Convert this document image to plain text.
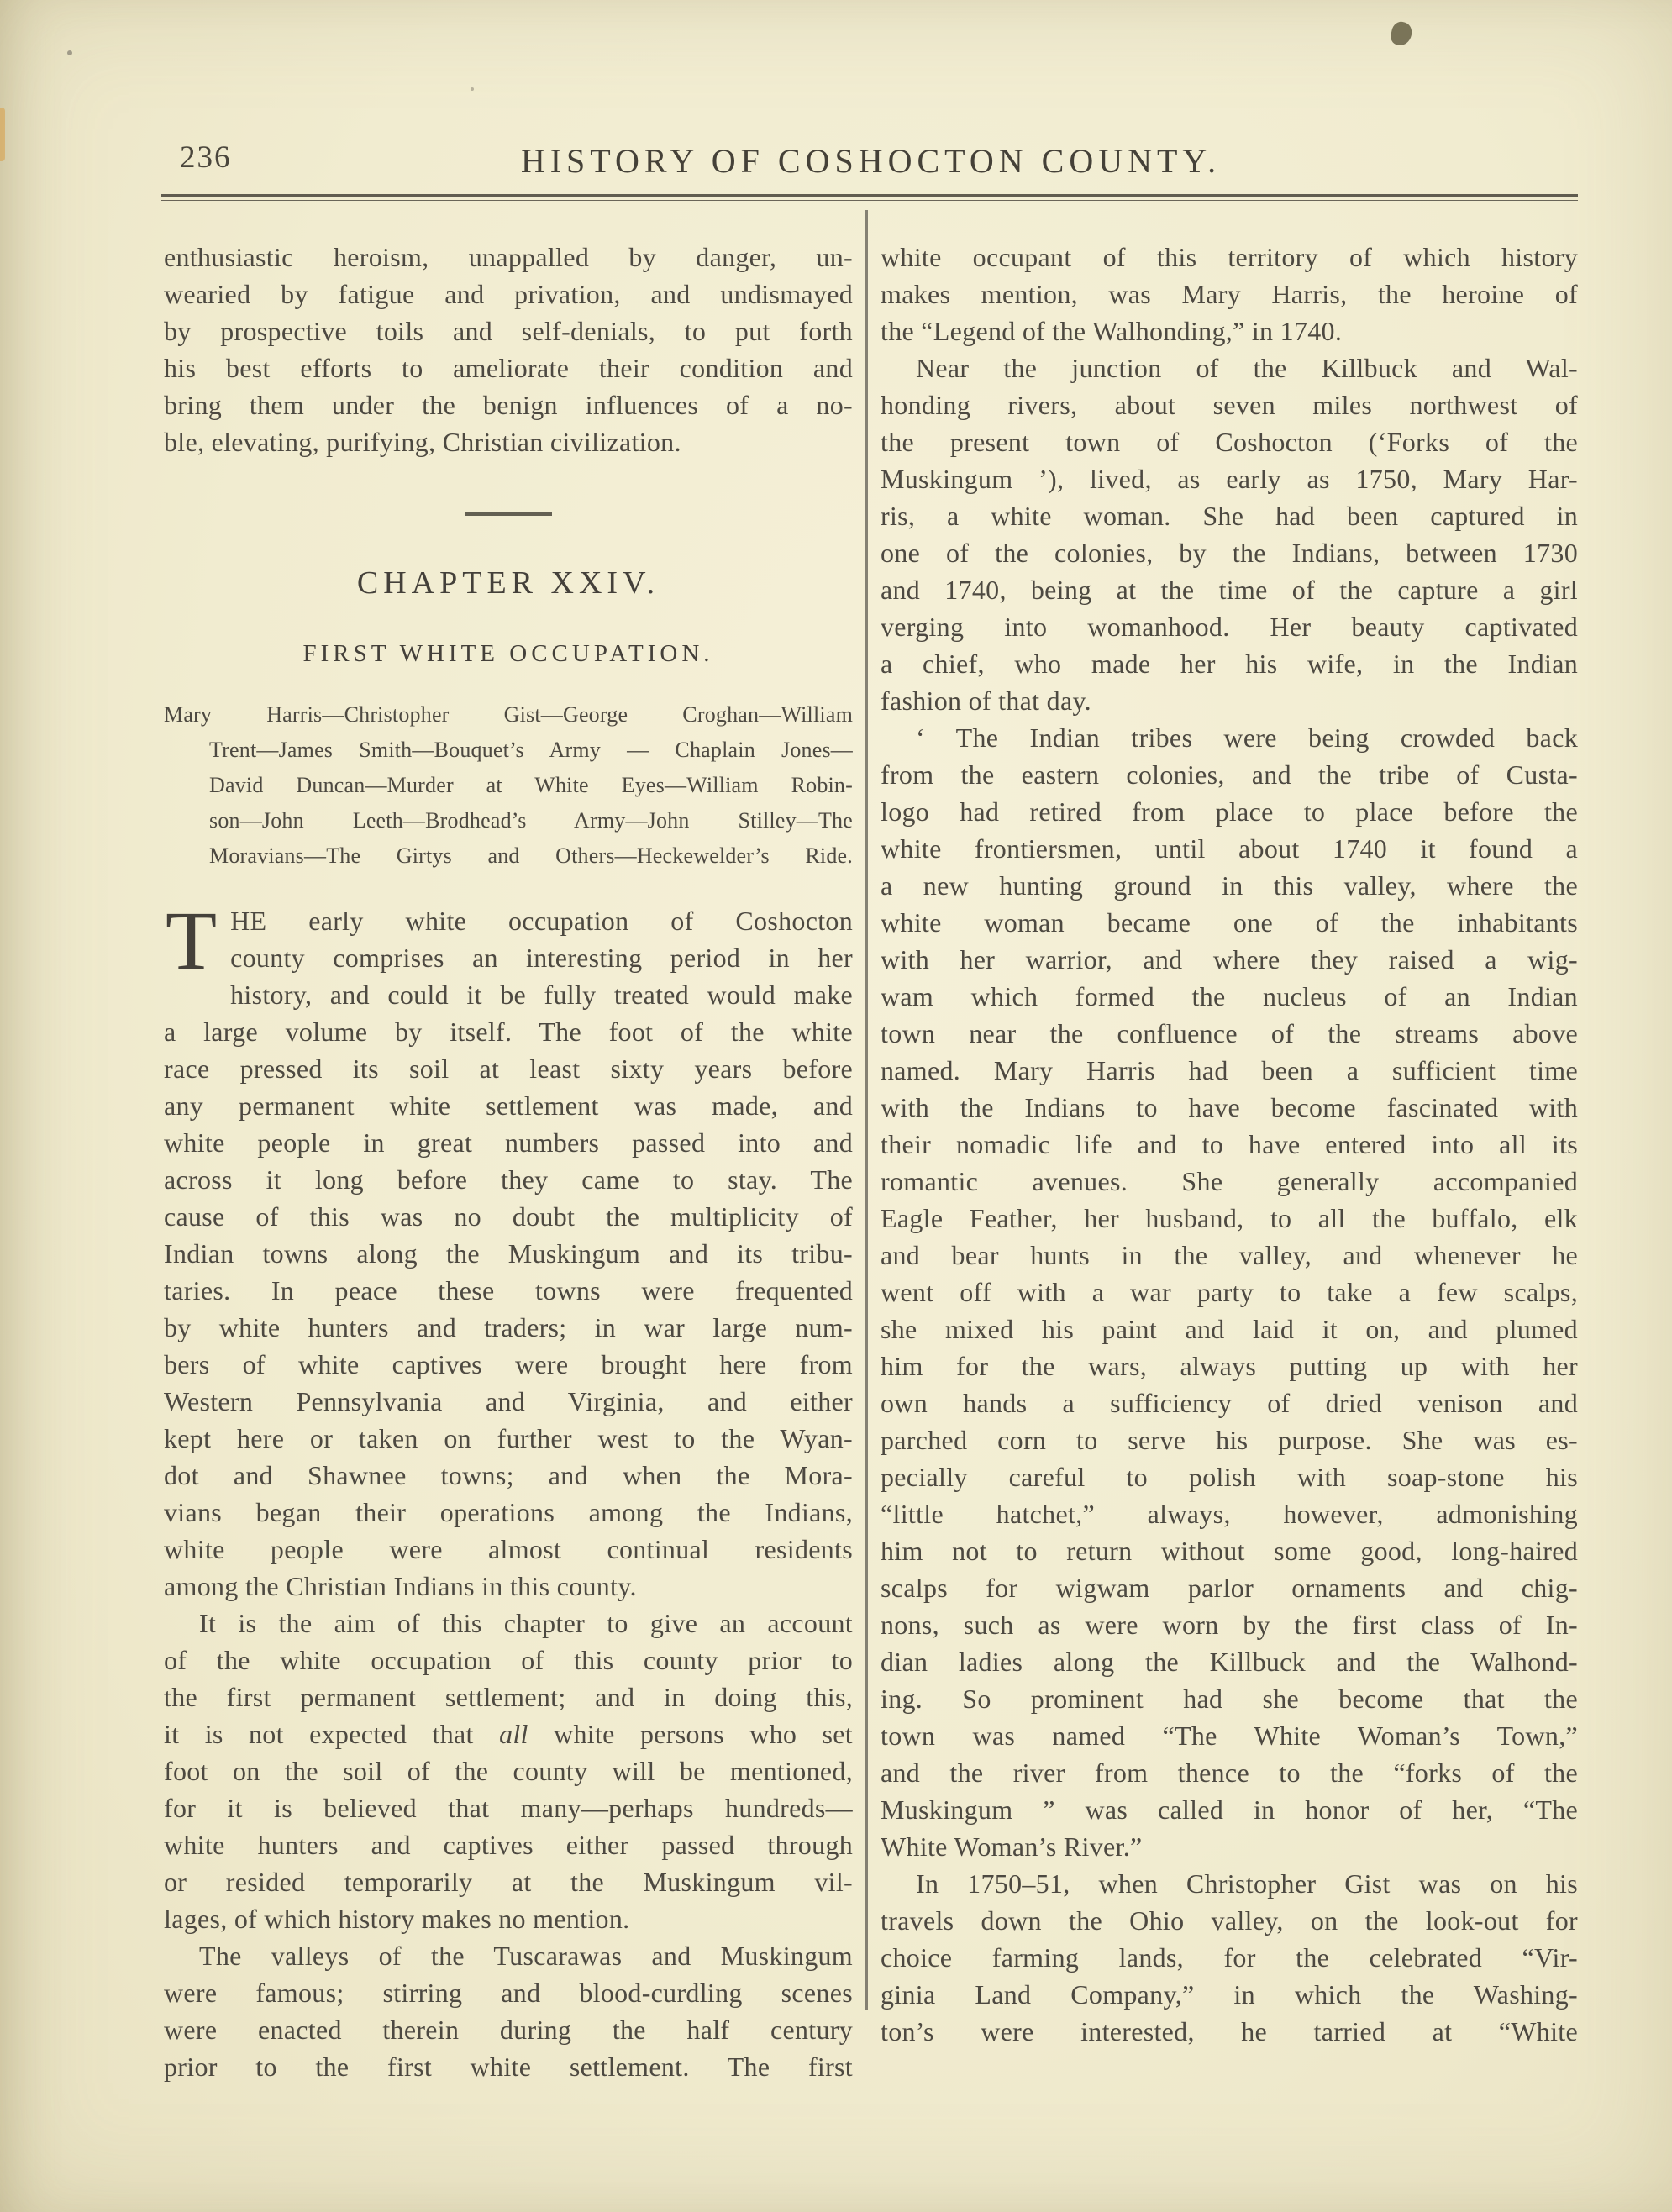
236	HISTORY OF COSHOCTON COUNTY.
enthusiastic heroism, unappalled by danger, un-
wearied by fatigue and privation, and undismayed
by prospective toils and self-denials, to put forth
his best efforts to ameliorate their condition and
bring them under the benign influences of a no-
ble, elevating, purifying, Christian civilization.
CHAPTER XXIV.
FIRST WHITE OCCUPATION.
Mary Harris—Christopher Gist—George Croghan—William
Trent—James Smith—Bouquet’s Army — Chaplain Jones—
David Duncan—Murder at White Eyes—William Robin-
son—John Leeth—Brodhead’s Army—John Stilley—The
Moravians—The Girtys and Others—Heckewelder’s Ride.
T HE early white occupation of Coshocton
county comprises an interesting period in her
history, and could it be fully treated would make
a large volume by itself. The foot of the white
race pressed its soil at least sixty years before
any permanent white settlement was made, and
white people in great numbers passed into and
across it long before they came to stay. The
cause of this was no doubt the multiplicity of
Indian towns along the Muskingum and its tribu-
taries. In peace these towns were frequented
by white hunters and traders; in war large num-
bers of white captives were brought here from
Western Pennsylvania and Virginia, and either
kept here or taken on further west to the Wyan-
dot and Shawnee towns; and when the Mora-
vians began their operations among the Indians,
white people were almost continual residents
among the Christian Indians in this county.
It is the aim of this chapter to give an account
of the white occupation of this county prior to
the first permanent settlement; and in doing this,
it is not expected that all white persons who set
foot on the soil of the county will be mentioned,
for it is believed that many—perhaps hundreds—
white hunters and captives either passed through
or resided temporarily at the Muskingum vil-
lages, of which history makes no mention.
The valleys of the Tuscarawas and Muskingum
were famous; stirring and blood-curdling scenes
were enacted therein during the half century
prior to the first white settlement. The first
white occupant of this territory of which history
makes mention, was Mary Harris, the heroine of
the “Legend of the Walhonding,” in 1740.
Near the junction of the Killbuck and Wal-
honding rivers, about seven miles northwest of
the present town of Coshocton (‘Forks of the
Muskingum ’), lived, as early as 1750, Mary Har-
ris, a white woman. She had been captured in
one of the colonies, by the Indians, between 1730
and 1740, being at the time of the capture a girl
verging into womanhood. Her beauty captivated
a chief, who made her his wife, in the Indian
fashion of that day.
‘ The Indian tribes were being crowded back
from the eastern colonies, and the tribe of Custa-
logo had retired from place to place before the
white frontiersmen, until about 1740 it found a
a new hunting ground in this valley, where the
white woman became one of the inhabitants
with her warrior, and where they raised a wig-
wam which formed the nucleus of an Indian
town near the confluence of the streams above
named. Mary Harris had been a sufficient time
with the Indians to have become fascinated with
their nomadic life and to have entered into all its
romantic avenues. She generally accompanied
Eagle Feather, her husband, to all the buffalo, elk
and bear hunts in the valley, and whenever he
went off with a war party to take a few scalps,
she mixed his paint and laid it on, and plumed
him for the wars, always putting up with her
own hands a sufficiency of dried venison and
parched corn to serve his purpose. She was es-
pecially careful to polish with soap-stone his
“little hatchet,” always, however, admonishing
him not to return without some good, long-haired
scalps for wigwam parlor ornaments and chig-
nons, such as were worn by the first class of In-
dian ladies along the Killbuck and the Walhond-
ing. So prominent had she become that the
town was named “The White Woman’s Town,”
and the river from thence to the “forks of the
Muskingum ” was called in honor of her, “The
White Woman’s River.”
In 1750–51, when Christopher Gist was on his
travels down the Ohio valley, on the look-out for
choice farming lands, for the celebrated “Vir-
ginia Land Company,” in which the Washing-
ton’s were interested, he tarried at “White
